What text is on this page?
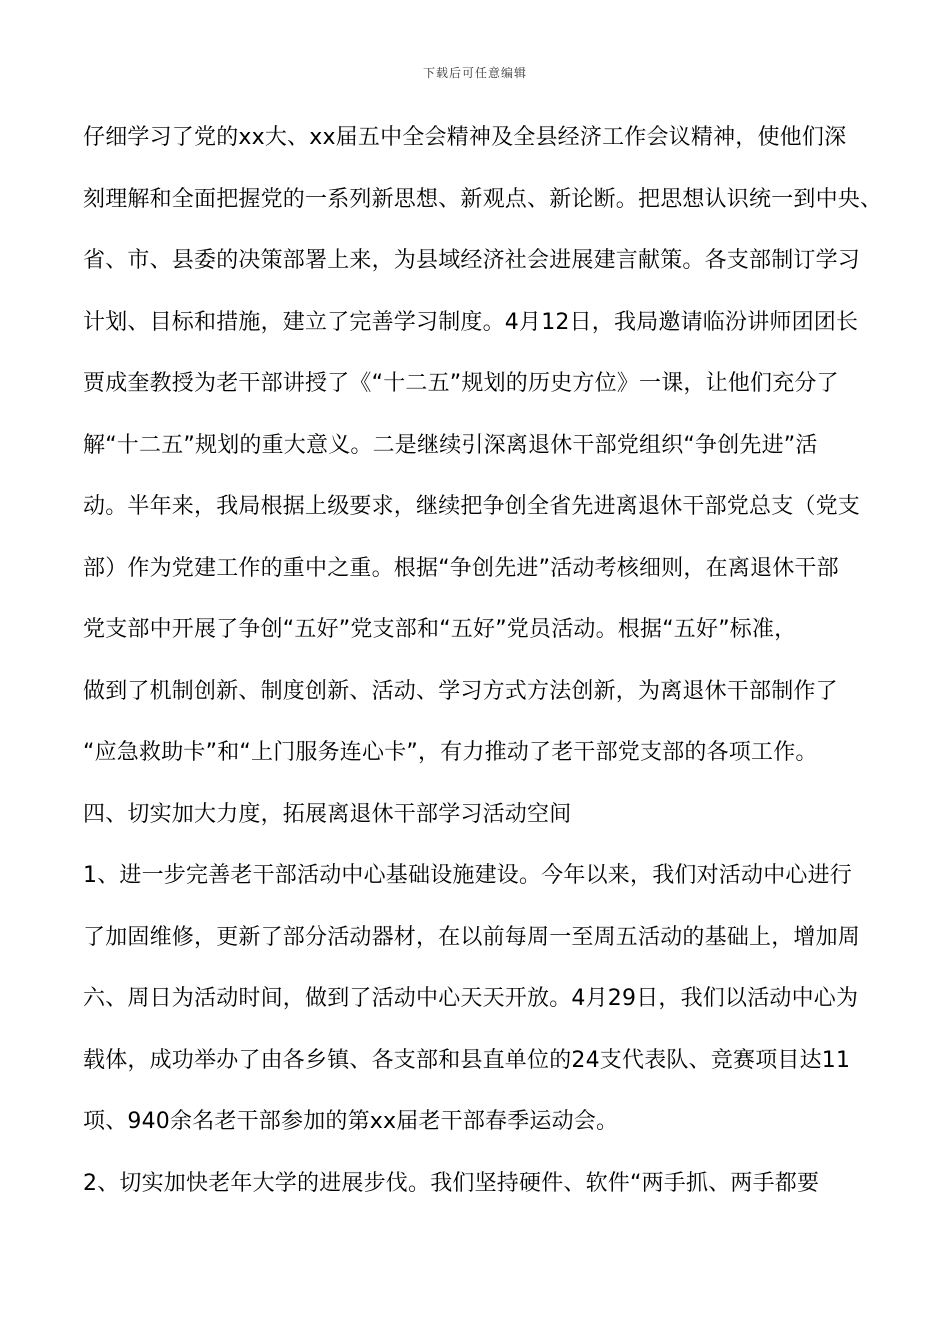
下载后可任意编辑
仔细学习了党的xx大、xx届五中全会精神及全县经济工作会议精神，使他们深
刻理解和全面把握党的一系列新思想、新观点、新论断。把思想认识统一到中央、
省、市、县委的决策部署上来，为县域经济社会进展建言献策。各支部制订学习
计划、目标和措施，建立了完善学习制度。4月12日，我局邀请临汾讲师团团长
贾成奎教授为老干部讲授了《“十二五”规划的历史方位》一课，让他们充分了
解“十二五”规划的重大意义。二是继续引深离退休干部党组织“争创先进”活
动。半年来，我局根据上级要求，继续把争创全省先进离退休干部党总支（党支
部）作为党建工作的重中之重。根据“争创先进”活动考核细则，在离退休干部
党支部中开展了争创“五好”党支部和“五好”党员活动。根据“五好”标准，
做到了机制创新、制度创新、活动、学习方式方法创新，为离退休干部制作了
“应急救助卡”和“上门服务连心卡”，有力推动了老干部党支部的各项工作。
四、切实加大力度，拓展离退休干部学习活动空间
1、进一步完善老干部活动中心基础设施建设。今年以来，我们对活动中心进行
了加固维修，更新了部分活动器材，在以前每周一至周五活动的基础上，增加周
六、周日为活动时间，做到了活动中心天天开放。4月29日，我们以活动中心为
载体，成功举办了由各乡镇、各支部和县直单位的24支代表队、竞赛项目达11
项、940余名老干部参加的第xx届老干部春季运动会。
2、切实加快老年大学的进展步伐。我们坚持硬件、软件“两手抓、两手都要
